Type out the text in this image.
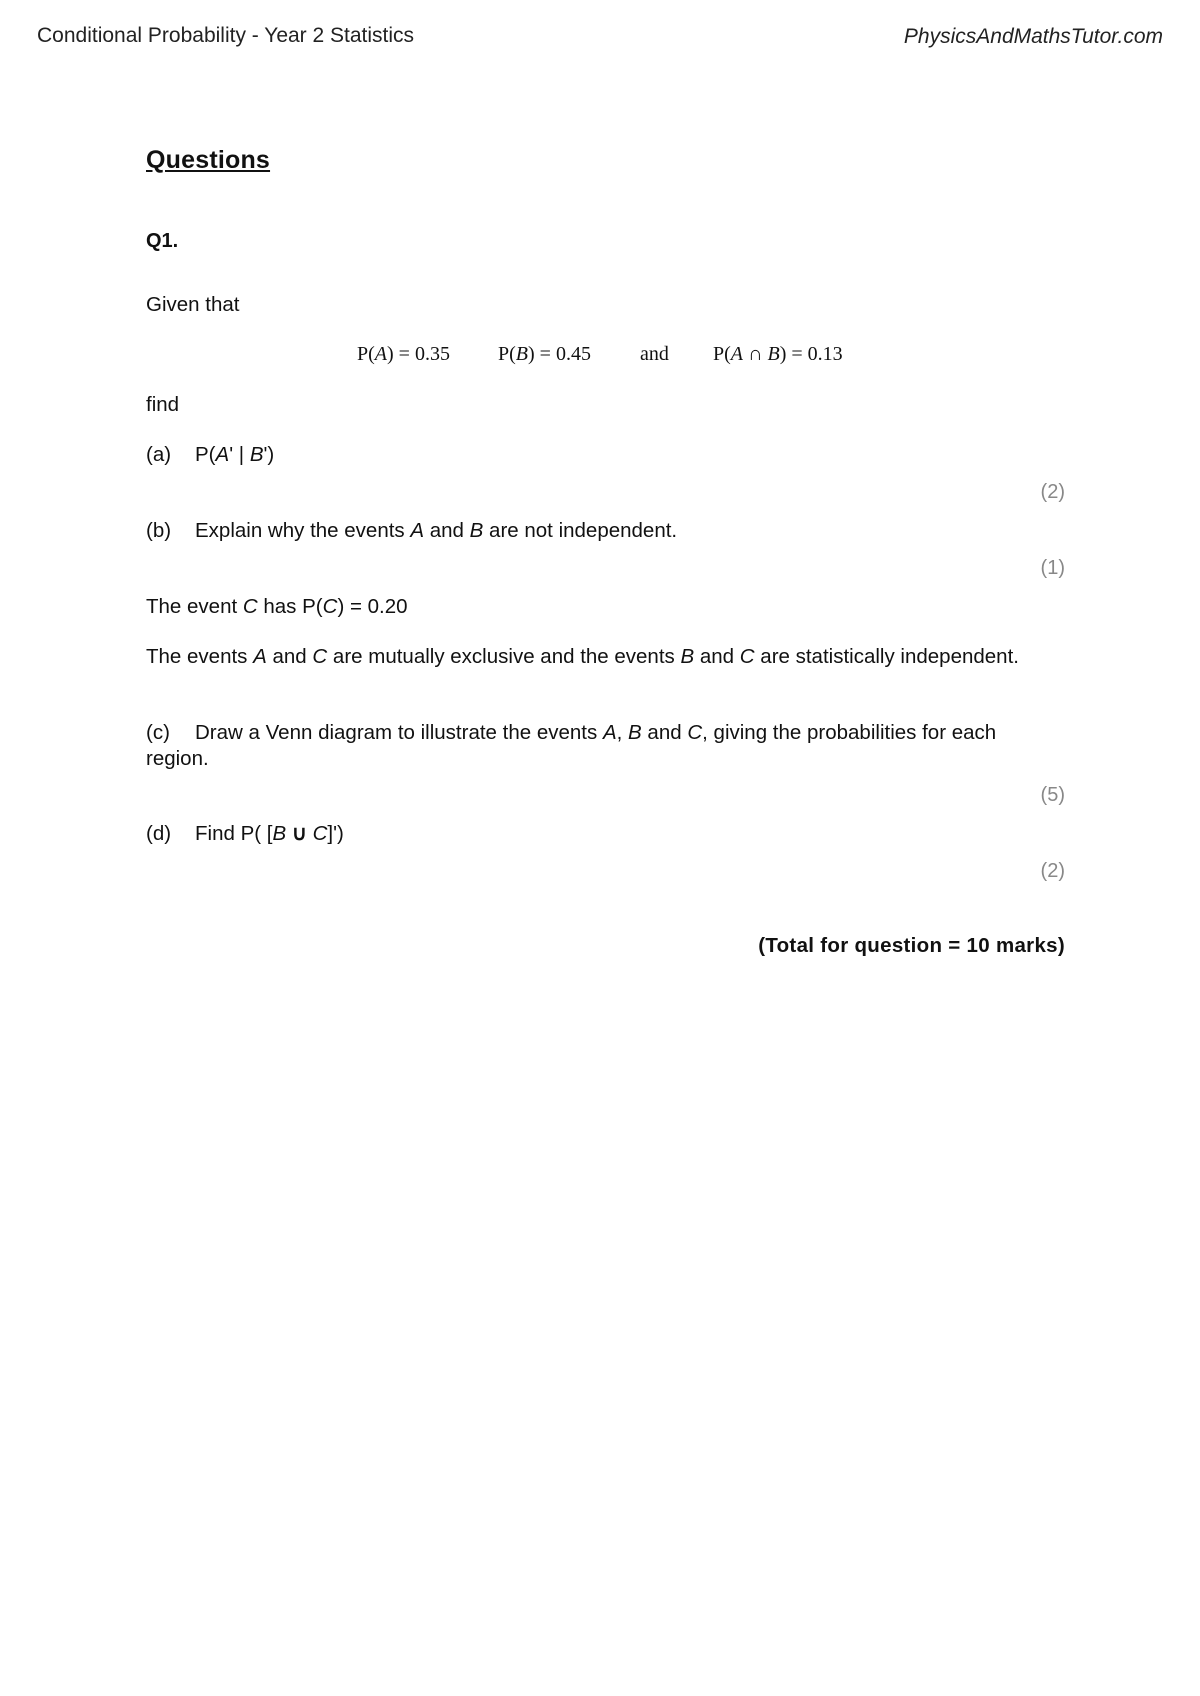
Conditional Probability - Year 2 Statistics	PhysicsAndMathsTutor.com
Questions
Q1.
Given that
P(A) = 0.35 P(B) = 0.45 and P(A ∩ B) = 0.13
find
(a) P(A' | B')
(2)
(b) Explain why the events A and B are not independent.
(1)
The event C has P(C) = 0.20
The events A and C are mutually exclusive and the events B and C are statistically independent.
(c) Draw a Venn diagram to illustrate the events A, B and C, giving the probabilities for each region.
(5)
(d) Find P( [B ∪ C]')
(2)
(Total for question = 10 marks)
